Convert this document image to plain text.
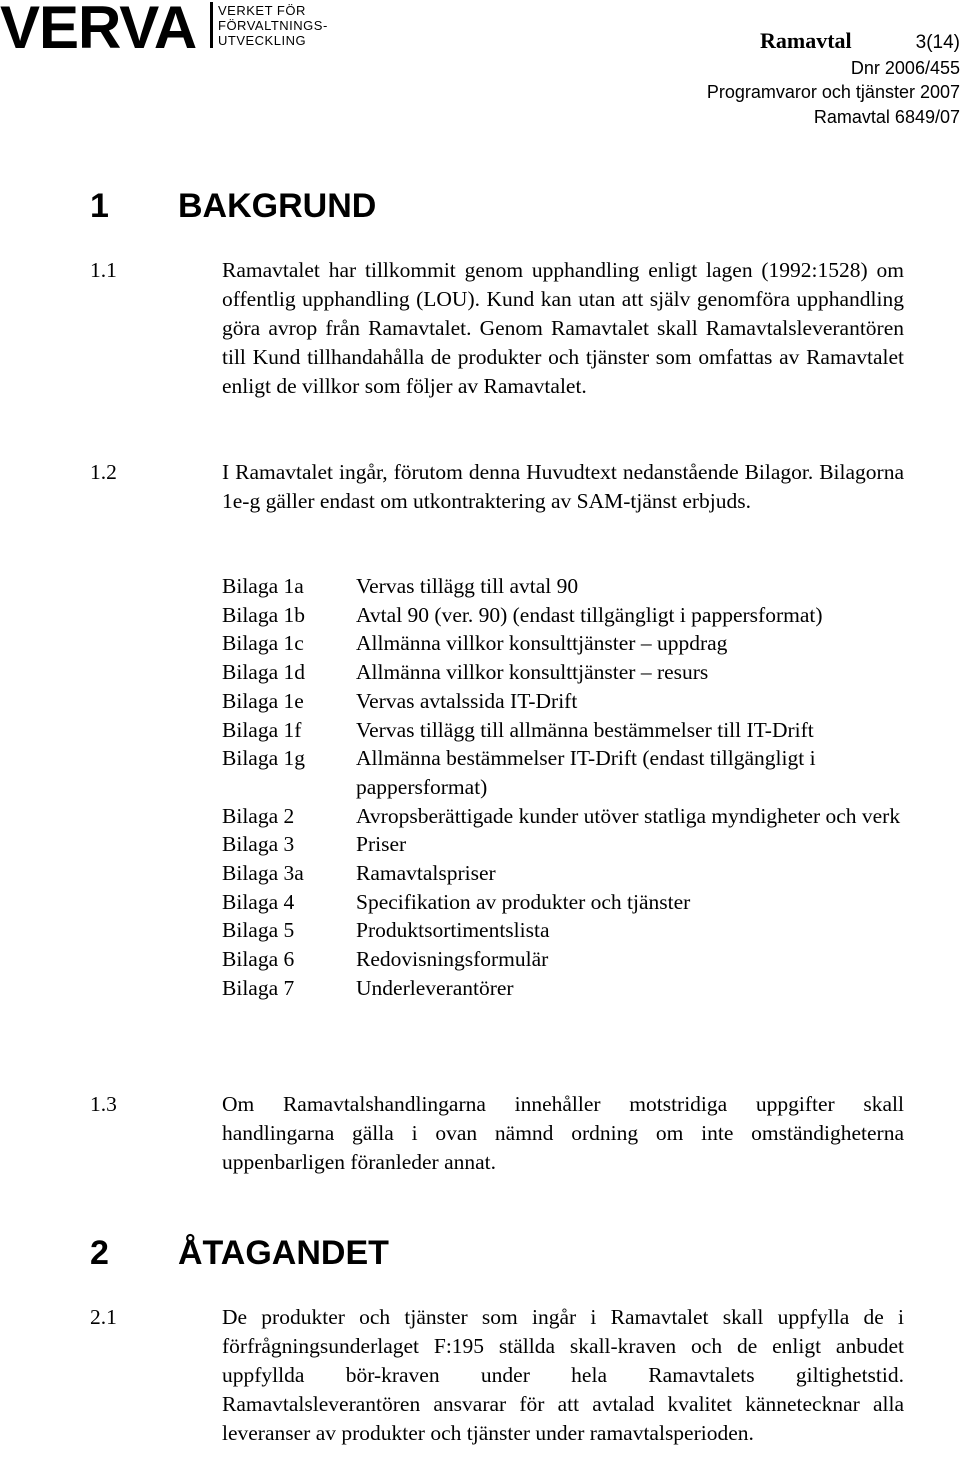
VERVA VERKET FÖR
FÖRVALTNINGS-
UTVECKLING	Ramavtal	3(14)
Dnr 2006/455
Programvaror och tjänster 2007
Ramavtal 6849/07
1 BAKGRUND
1.1	Ramavtalet har tillkommit genom upphandling enligt lagen (1992:1528) om offentlig upphandling (LOU). Kund kan utan att själv genomföra upphandling göra avrop från Ramavtalet. Genom Ramavtalet skall Ramavtalsleverantören till Kund tillhandahålla de produkter och tjänster som omfattas av Ramavtalet enligt de villkor som följer av Ramavtalet.
1.2	I Ramavtalet ingår, förutom denna Huvudtext nedanstående Bilagor. Bilagorna 1e-g gäller endast om utkontraktering av SAM-tjänst erbjuds.
Bilaga 1a	Vervas tillägg till avtal 90
Bilaga 1b	Avtal 90 (ver. 90) (endast tillgängligt i pappersformat)
Bilaga 1c	Allmänna villkor konsulttjänster – uppdrag
Bilaga 1d	Allmänna villkor konsulttjänster – resurs
Bilaga 1e	Vervas avtalssida IT-Drift
Bilaga 1f	Vervas tillägg till allmänna bestämmelser till IT-Drift
Bilaga 1g	Allmänna bestämmelser IT-Drift (endast tillgängligt i pappersformat)
Bilaga 2	Avropsberättigade kunder utöver statliga myndigheter och verk
Bilaga 3	Priser
Bilaga 3a	Ramavtalspriser
Bilaga 4	Specifikation av produkter och tjänster
Bilaga 5	Produktsortimentslista
Bilaga 6	Redovisningsformulär
Bilaga 7	Underleverantörer
1.3	Om Ramavtalshandlingarna innehåller motstridiga uppgifter skall handlingarna gälla i ovan nämnd ordning om inte omständigheterna uppenbarligen föranleder annat.
2 ÅTAGANDET
2.1	De produkter och tjänster som ingår i Ramavtalet skall uppfylla de i förfrågningsunderlaget F:195 ställda skall-kraven och de enligt anbudet uppfyllda bör-kraven under hela Ramavtalets giltighetstid. Ramavtalsleverantören ansvarar för att avtalad kvalitet kännetecknar alla leveranser av produkter och tjänster under ramavtalsperioden.
